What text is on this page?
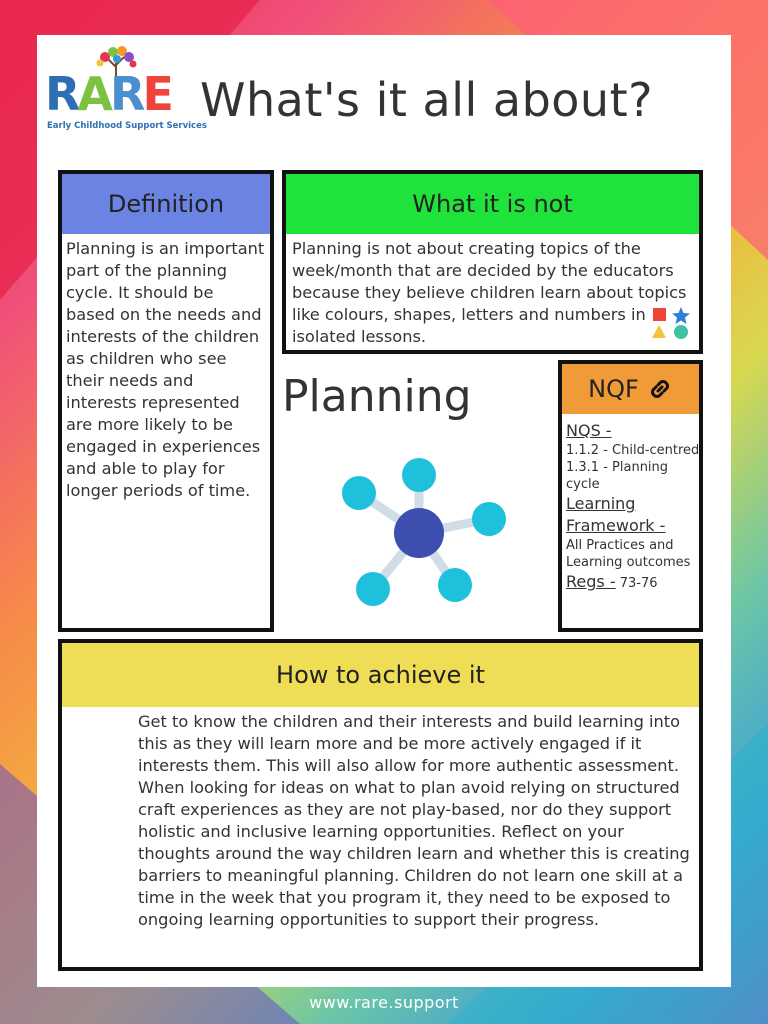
RARE
Early Childhood Support Services
What's it all about?
Definition

Planning is an important part of the planning cycle. It should be based on the needs and interests of the children as children who see their needs and interests represented are more likely to be engaged in experiences and able to play for longer periods of time.

What it is not

Planning is not about creating topics of the week/month that are decided by the educators because they believe children learn about topics like colours, shapes, letters and numbers in isolated lessons.

Planning	NQF
NQS -
1.1.2 - Child-centred
1.3.1 - Planning cycle
Learning Framework -
All Practices and Learning outcomes
Regs - 73-76
How to achieve it

Get to know the children and their interests and build learning into this as they will learn more and be more actively engaged if it interests them. This will also allow for more authentic assessment.
When looking for ideas on what to plan avoid relying on structured craft experiences as they are not play-based, nor do they support holistic and inclusive learning opportunities. Reflect on your thoughts around the way children learn and whether this is creating barriers to meaningful planning. Children do not learn one skill at a time in the week that you program it, they need to be exposed to ongoing learning opportunities to support their progress.

www.rare.support
